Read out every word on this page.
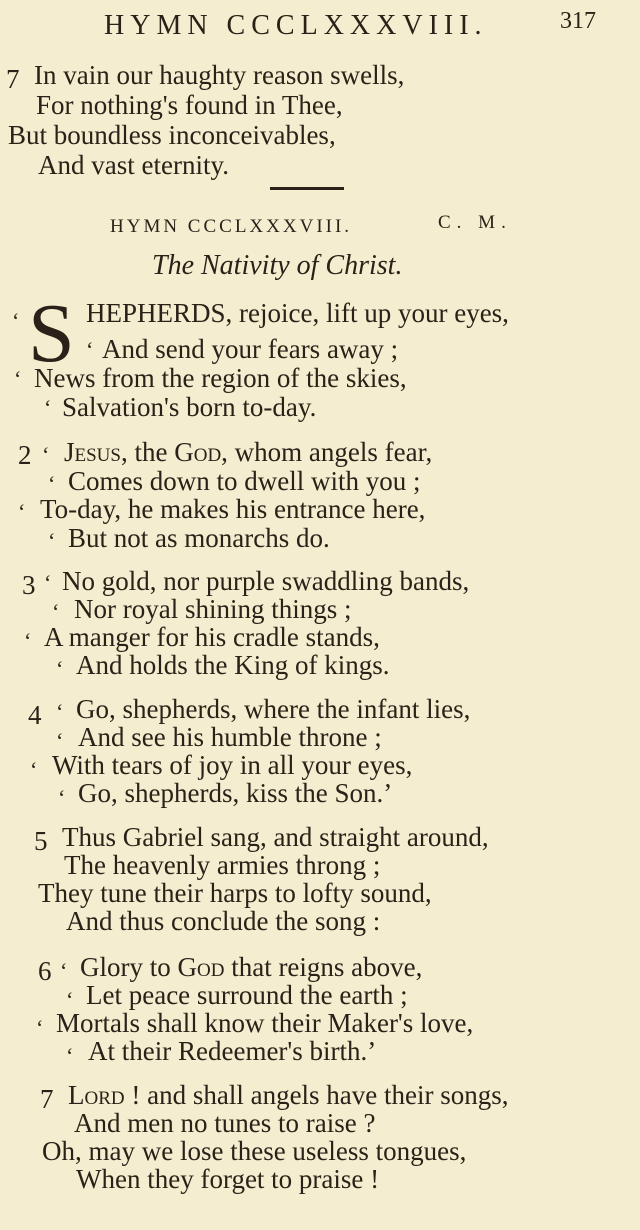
HYMN CCCLXXXVIII.	317
7 In vain our haughty reason swells,
For nothing's found in Thee,
But boundless inconceivables,
And vast eternity.
HYMN CCCLXXXVIII.	C. M.
The Nativity of Christ.
‘ S HEPHERDS, rejoice, lift up your eyes,
‘ And send your fears away ;
‘ News from the region of the skies,
‘ Salvation's born to-day.
2 ‘ Jesus, the God, whom angels fear,
‘ Comes down to dwell with you ;
‘ To-day, he makes his entrance here,
‘ But not as monarchs do.
3 ‘ No gold, nor purple swaddling bands,
‘ Nor royal shining things ;
‘ A manger for his cradle stands,
‘ And holds the King of kings.
4 ‘ Go, shepherds, where the infant lies,
‘ And see his humble throne ;
‘ With tears of joy in all your eyes,
‘ Go, shepherds, kiss the Son.’
5 Thus Gabriel sang, and straight around,
The heavenly armies throng ;
They tune their harps to lofty sound,
And thus conclude the song :
6 ‘ Glory to God that reigns above,
‘ Let peace surround the earth ;
‘ Mortals shall know their Maker's love,
‘ At their Redeemer's birth.’
7 Lord ! and shall angels have their songs,
And men no tunes to raise ?
Oh, may we lose these useless tongues,
When they forget to praise !
